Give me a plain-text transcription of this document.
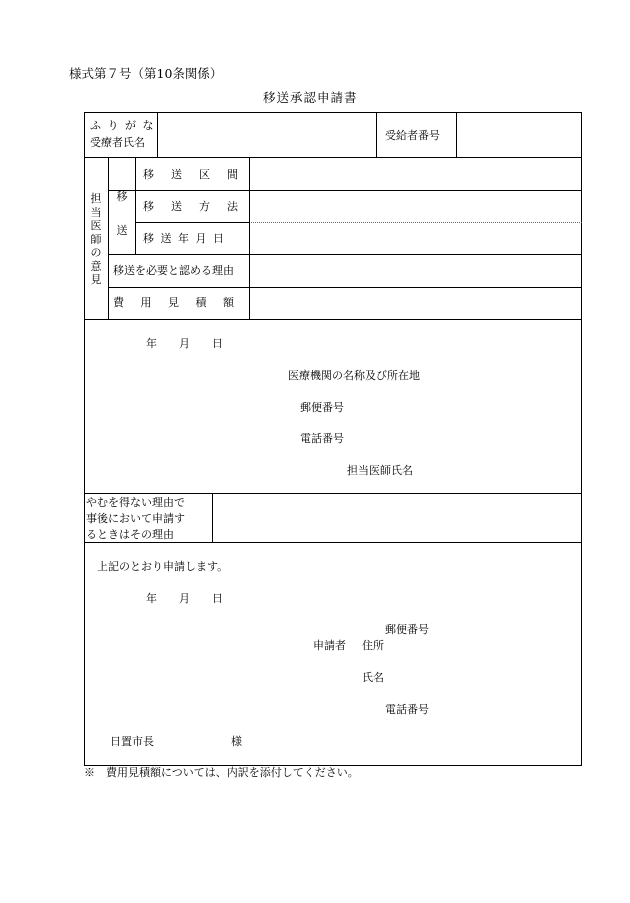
様式第７号（第10条関係）
移送承認申請書
ふりがな
受療者氏名
受給者番号
担当医師の意見
移送
移送区間
移送方法
移送年月日
移送を必要と認める理由
費用見積額
年　　月　　日
医療機関の名称及び所在地
郵便番号
電話番号
担当医師氏名
やむを得ない理由で
事後において申請す
るときはその理由
上記のとおり申請します。
年　　月　　日
郵便番号
申請者 住所
氏名
電話番号
日置市長	様
※　費用見積額については、内訳を添付してください。
